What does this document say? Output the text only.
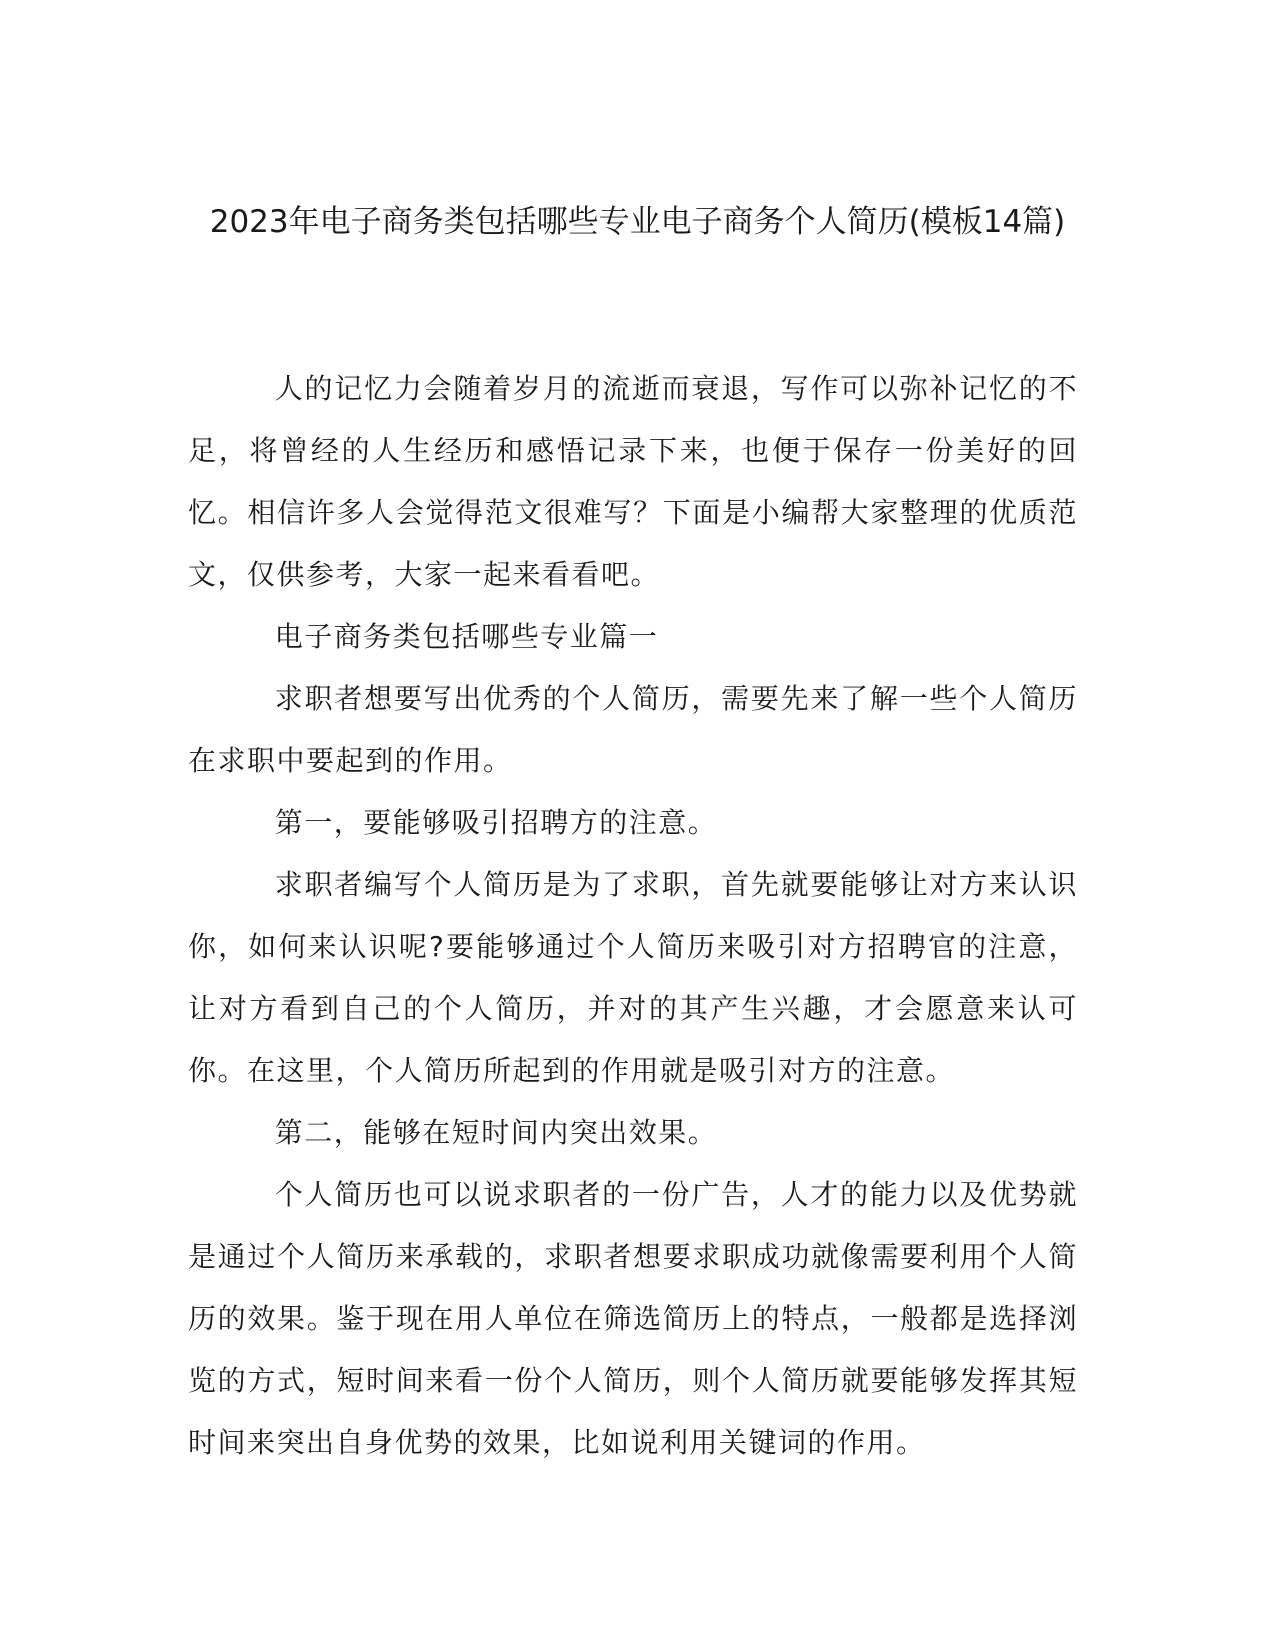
2023年电子商务类包括哪些专业电子商务个人简历(模板14篇)

人的记忆力会随着岁月的流逝而衰退，写作可以弥补记忆的不足，将曾经的人生经历和感悟记录下来，也便于保存一份美好的回忆。相信许多人会觉得范文很难写？下面是小编帮大家整理的优质范文，仅供参考，大家一起来看看吧。

电子商务类包括哪些专业篇一

求职者想要写出优秀的个人简历，需要先来了解一些个人简历在求职中要起到的作用。

第一，要能够吸引招聘方的注意。

求职者编写个人简历是为了求职，首先就要能够让对方来认识你，如何来认识呢?要能够通过个人简历来吸引对方招聘官的注意，让对方看到自己的个人简历，并对的其产生兴趣，才会愿意来认可你。在这里，个人简历所起到的作用就是吸引对方的注意。

第二，能够在短时间内突出效果。

个人简历也可以说求职者的一份广告，人才的能力以及优势就是通过个人简历来承载的，求职者想要求职成功就像需要利用个人简历的效果。鉴于现在用人单位在筛选简历上的特点，一般都是选择浏览的方式，短时间来看一份个人简历，则个人简历就要能够发挥其短时间来突出自身优势的效果，比如说利用关键词的作用。
